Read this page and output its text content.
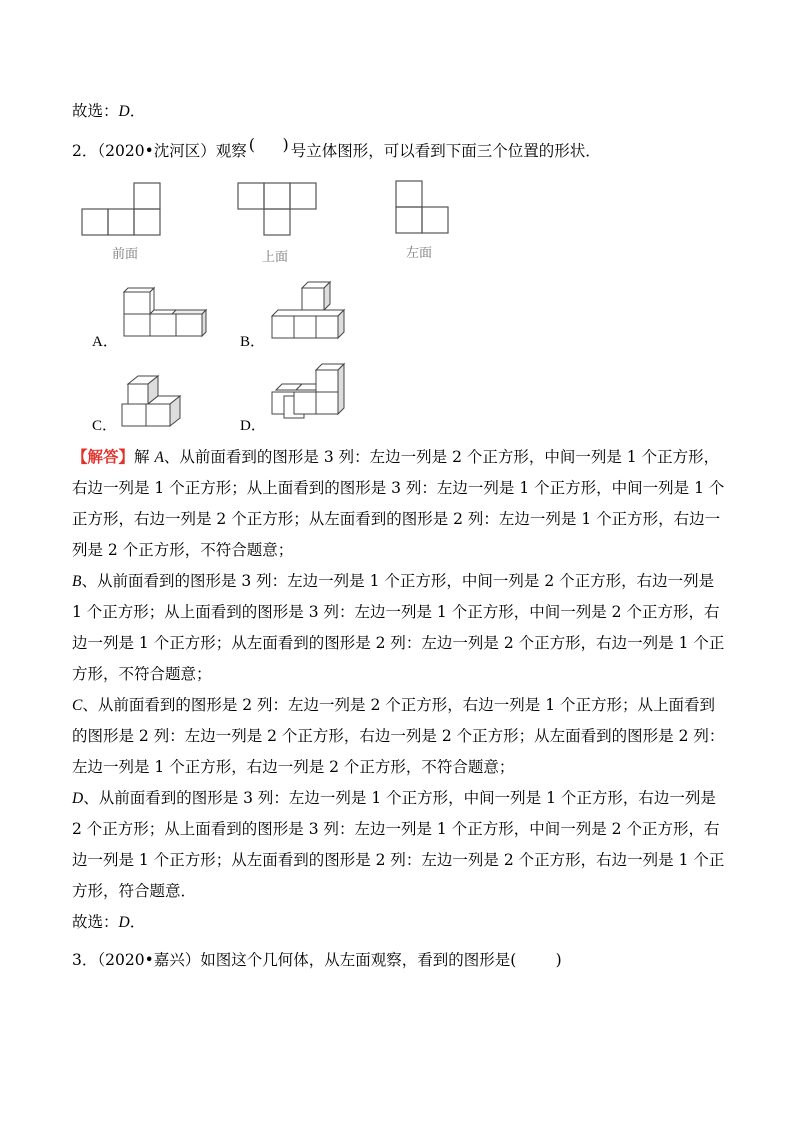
故选：D．
2．（2020•沈河区）观察 ( ) 号立体图形，可以看到下面三个位置的形状．
前面	上面	左面
A．	B．
C．	D．
【解答】解 A、从前面看到的图形是 3 列：左边一列是 2 个正方形，中间一列是 1 个正方形，
右边一列是 1 个正方形；从上面看到的图形是 3 列：左边一列是 1 个正方形，中间一列是 1 个
正方形，右边一列是 2 个正方形；从左面看到的图形是 2 列：左边一列是 1 个正方形，右边一
列是 2 个正方形，不符合题意；
B、从前面看到的图形是 3 列：左边一列是 1 个正方形，中间一列是 2 个正方形，右边一列是
1 个正方形；从上面看到的图形是 3 列：左边一列是 1 个正方形，中间一列是 2 个正方形，右
边一列是 1 个正方形；从左面看到的图形是 2 列：左边一列是 2 个正方形，右边一列是 1 个正
方形，不符合题意；
C、从前面看到的图形是 2 列：左边一列是 2 个正方形，右边一列是 1 个正方形；从上面看到
的图形是 2 列：左边一列是 2 个正方形，右边一列是 2 个正方形；从左面看到的图形是 2 列：
左边一列是 1 个正方形，右边一列是 2 个正方形，不符合题意；
D、从前面看到的图形是 3 列：左边一列是 1 个正方形，中间一列是 1 个正方形，右边一列是
2 个正方形；从上面看到的图形是 3 列：左边一列是 1 个正方形，中间一列是 2 个正方形，右
边一列是 1 个正方形；从左面看到的图形是 2 列：左边一列是 2 个正方形，右边一列是 1 个正
方形，符合题意．
故选：D．
3．（2020•嘉兴）如图这个几何体，从左面观察，看到的图形是(        )
